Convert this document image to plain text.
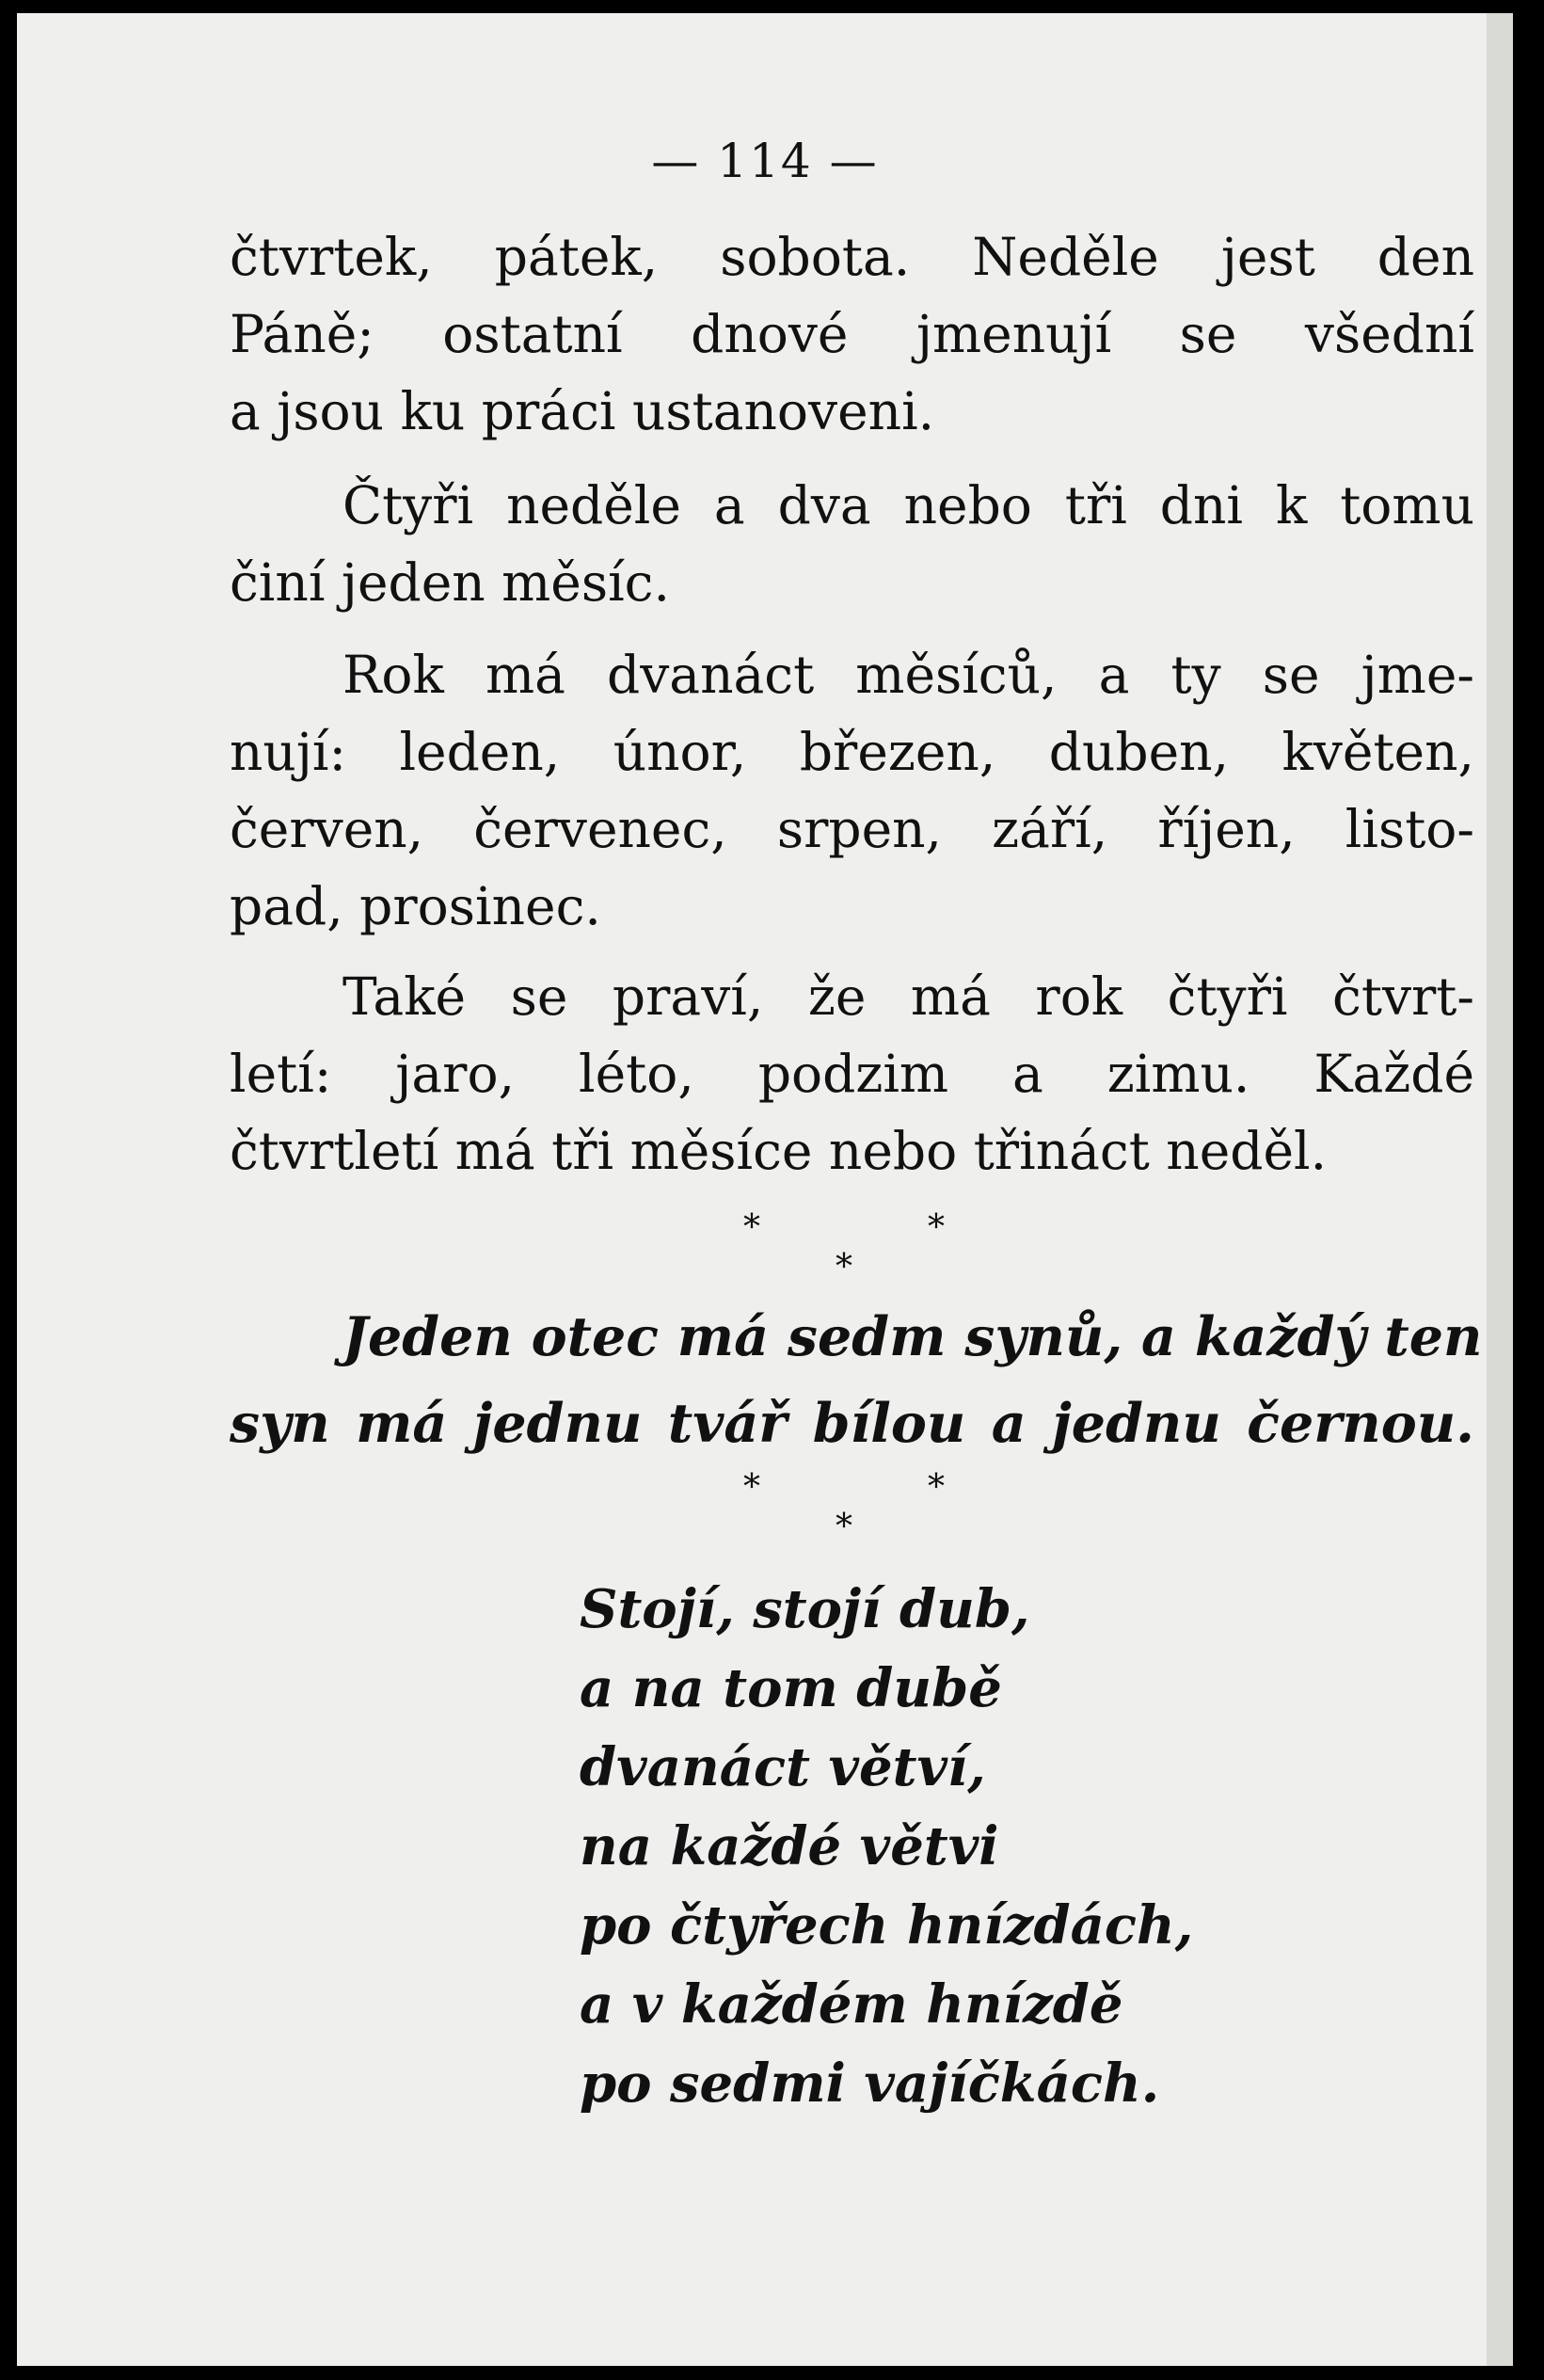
— 114 —
čtvrtek, pátek, sobota. Neděle jest den
Páně; ostatní dnové jmenují se všední
a jsou ku práci ustanoveni.
Čtyři neděle a dva nebo tři dni k tomu
činí jeden měsíc.
Rok má dvanáct měsíců, a ty se jme-
nují: leden, únor, březen, duben, květen,
červen, červenec, srpen, září, říjen, listo-
pad, prosinec.
Také se praví, že má rok čtyři čtvrt-
letí: jaro, léto, podzim a zimu. Každé
čtvrtletí má tři měsíce nebo třináct neděl.
*	*
*
Jeden otec má sedm synů, a každý ten
syn má jednu tvář bílou a jednu černou.
*	*
*
Stojí, stojí dub,
a na tom dubě
dvanáct větví,
na každé větvi
po čtyřech hnízdách,
a v každém hnízdě
po sedmi vajíčkách.
